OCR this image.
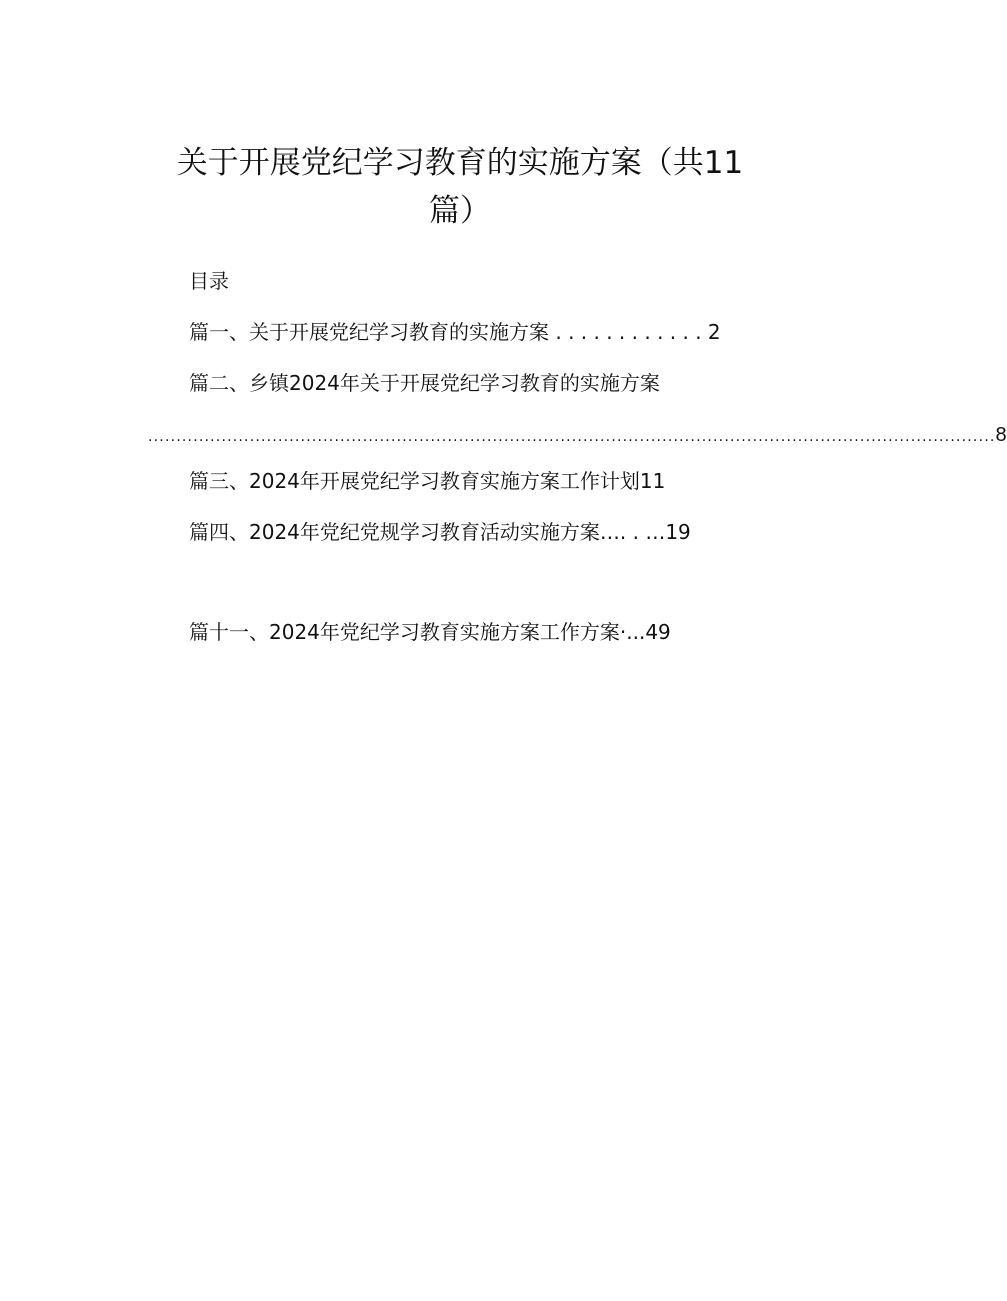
关于开展党纪学习教育的实施方案（共11
篇）
目录
篇一、关于开展党纪学习教育的实施方案 . . . . . . . . . . . . 2
篇二、乡镇2024年关于开展党纪学习教育的实施方案
...................................................................................................................................................... 8
篇三、2024年开展党纪学习教育实施方案工作计划11
篇四、2024年党纪党规学习教育活动实施方案…. . …19
篇十一、2024年党纪学习教育实施方案工作方案·...49
